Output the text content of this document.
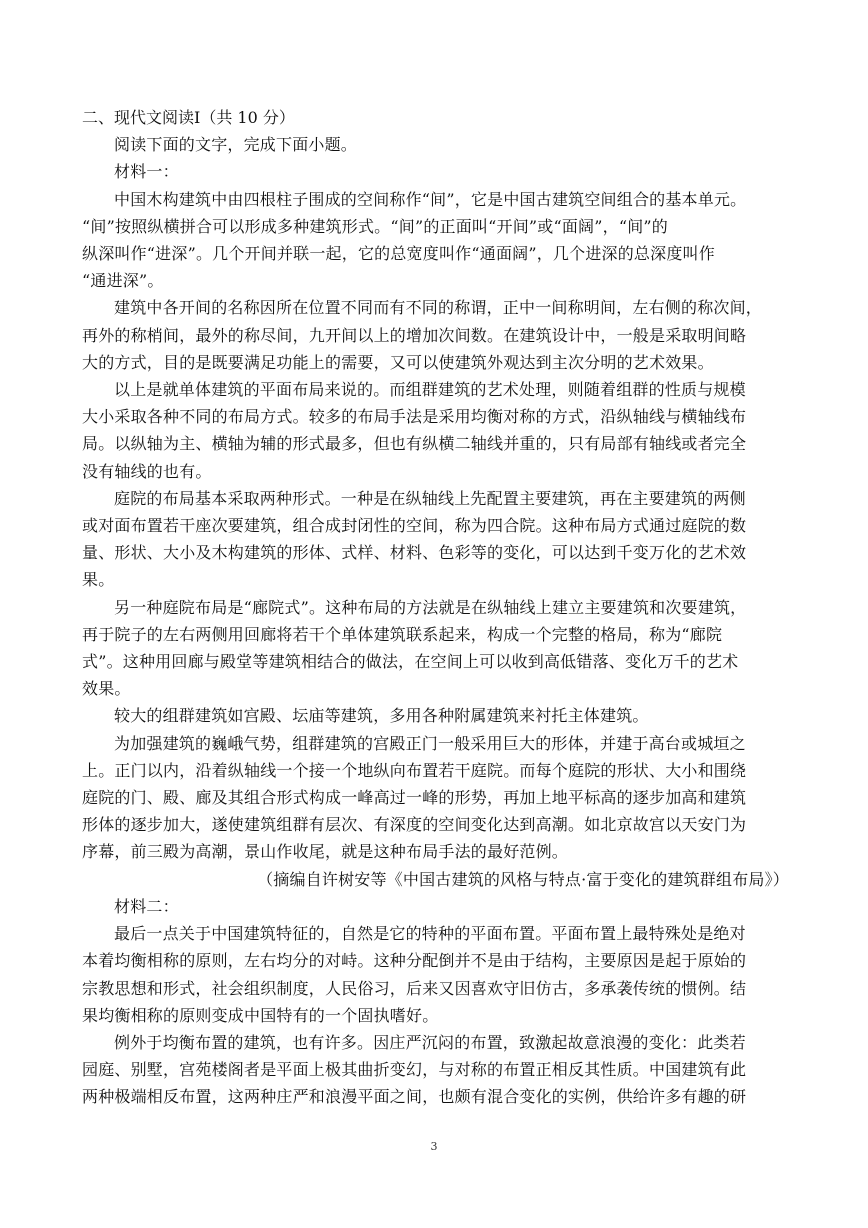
二、现代文阅读Ⅰ（共 10 分）
阅读下面的文字，完成下面小题。
材料一：
中国木构建筑中由四根柱子围成的空间称作“间”，它是中国古建筑空间组合的基本单元。
“间”按照纵横拼合可以形成多种建筑形式。“间”的正面叫“开间”或“面阔”，“间”的
纵深叫作“进深”。几个开间并联一起，它的总宽度叫作“通面阔”，几个进深的总深度叫作
“通进深”。
建筑中各开间的名称因所在位置不同而有不同的称谓，正中一间称明间，左右侧的称次间，
再外的称梢间，最外的称尽间，九开间以上的增加次间数。在建筑设计中，一般是采取明间略
大的方式，目的是既要满足功能上的需要，又可以使建筑外观达到主次分明的艺术效果。
以上是就单体建筑的平面布局来说的。而组群建筑的艺术处理，则随着组群的性质与规模
大小采取各种不同的布局方式。较多的布局手法是采用均衡对称的方式，沿纵轴线与横轴线布
局。以纵轴为主、横轴为辅的形式最多，但也有纵横二轴线并重的，只有局部有轴线或者完全
没有轴线的也有。
庭院的布局基本采取两种形式。一种是在纵轴线上先配置主要建筑，再在主要建筑的两侧
或对面布置若干座次要建筑，组合成封闭性的空间，称为四合院。这种布局方式通过庭院的数
量、形状、大小及木构建筑的形体、式样、材料、色彩等的变化，可以达到千变万化的艺术效
果。
另一种庭院布局是“廊院式”。这种布局的方法就是在纵轴线上建立主要建筑和次要建筑，
再于院子的左右两侧用回廊将若干个单体建筑联系起来，构成一个完整的格局，称为“廊院
式”。这种用回廊与殿堂等建筑相结合的做法，在空间上可以收到高低错落、变化万千的艺术
效果。
较大的组群建筑如宫殿、坛庙等建筑，多用各种附属建筑来衬托主体建筑。
为加强建筑的巍峨气势，组群建筑的宫殿正门一般采用巨大的形体，并建于高台或城垣之
上。正门以内，沿着纵轴线一个接一个地纵向布置若干庭院。而每个庭院的形状、大小和围绕
庭院的门、殿、廊及其组合形式构成一峰高过一峰的形势，再加上地平标高的逐步加高和建筑
形体的逐步加大，遂使建筑组群有层次、有深度的空间变化达到高潮。如北京故宫以天安门为
序幕，前三殿为高潮，景山作收尾，就是这种布局手法的最好范例。
（摘编自许树安等《中国古建筑的风格与特点·富于变化的建筑群组布局》）
材料二：
最后一点关于中国建筑特征的，自然是它的特种的平面布置。平面布置上最特殊处是绝对
本着均衡相称的原则，左右均分的对峙。这种分配倒并不是由于结构，主要原因是起于原始的
宗教思想和形式，社会组织制度，人民俗习，后来又因喜欢守旧仿古，多承袭传统的惯例。结
果均衡相称的原则变成中国特有的一个固执嗜好。
例外于均衡布置的建筑，也有许多。因庄严沉闷的布置，致激起故意浪漫的变化：此类若
园庭、别墅，宫苑楼阁者是平面上极其曲折变幻，与对称的布置正相反其性质。中国建筑有此
两种极端相反布置，这两种庄严和浪漫平面之间，也颇有混合变化的实例，供给许多有趣的研
3
